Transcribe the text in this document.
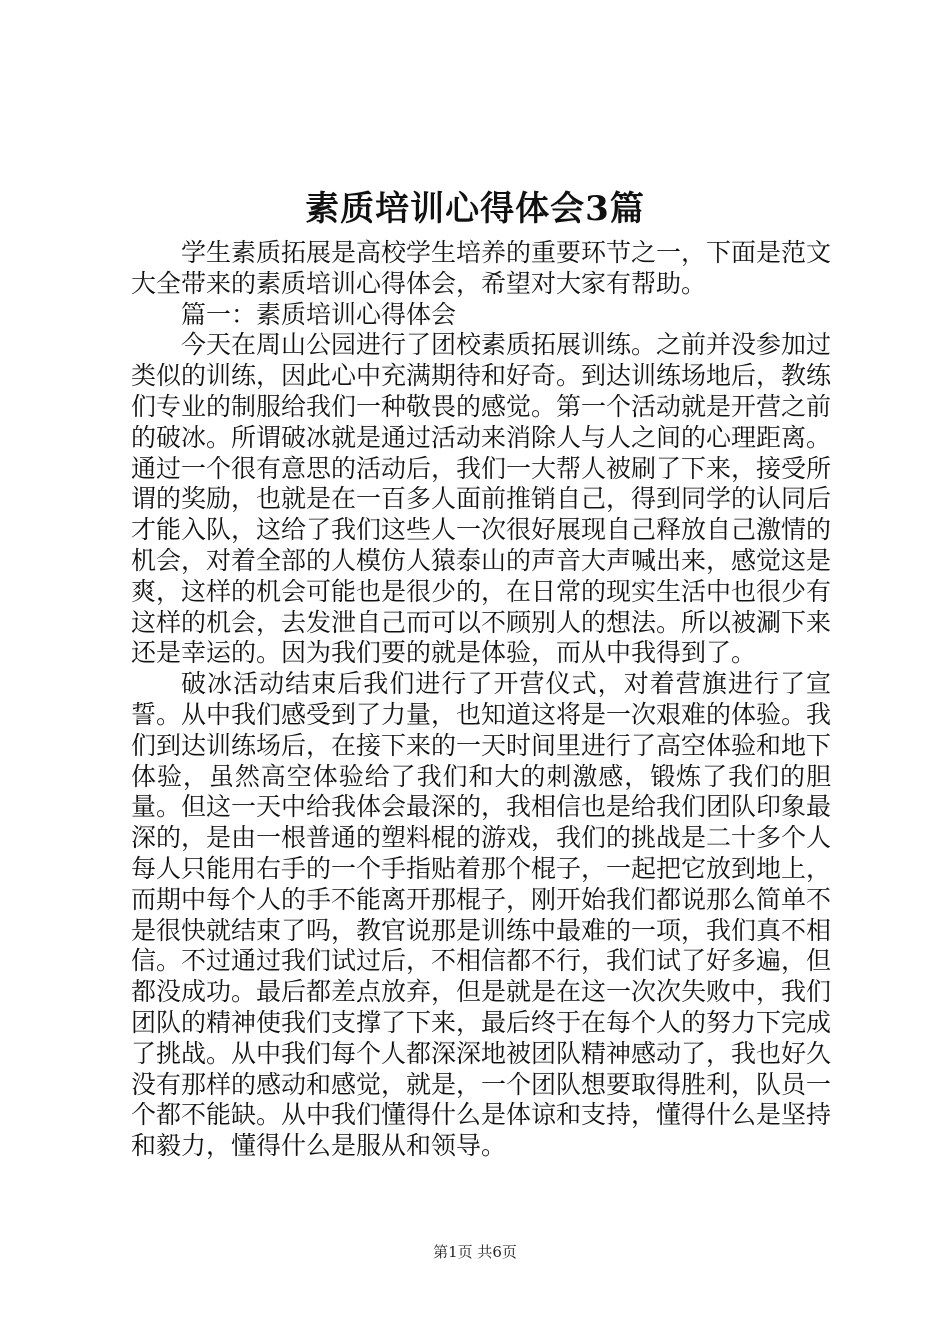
素质培训心得体会3篇

学生素质拓展是高校学生培养的重要环节之一，下面是范文大全带来的素质培训心得体会，希望对大家有帮助。

篇一：素质培训心得体会

今天在周山公园进行了团校素质拓展训练。之前并没参加过类似的训练，因此心中充满期待和好奇。到达训练场地后，教练们专业的制服给我们一种敬畏的感觉。第一个活动就是开营之前的破冰。所谓破冰就是通过活动来消除人与人之间的心理距离。通过一个很有意思的活动后，我们一大帮人被刷了下来，接受所谓的奖励，也就是在一百多人面前推销自己，得到同学的认同后才能入队，这给了我们这些人一次很好展现自己释放自己激情的机会，对着全部的人模仿人猿泰山的声音大声喊出来，感觉这是爽，这样的机会可能也是很少的，在日常的现实生活中也很少有这样的机会，去发泄自己而可以不顾别人的想法。所以被涮下来还是幸运的。因为我们要的就是体验，而从中我得到了。

破冰活动结束后我们进行了开营仪式，对着营旗进行了宣誓。从中我们感受到了力量，也知道这将是一次艰难的体验。我们到达训练场后，在接下来的一天时间里进行了高空体验和地下体验，虽然高空体验给了我们和大的刺激感，锻炼了我们的胆量。但这一天中给我体会最深的，我相信也是给我们团队印象最深的，是由一根普通的塑料棍的游戏，我们的挑战是二十多个人每人只能用右手的一个手指贴着那个棍子，一起把它放到地上，而期中每个人的手不能离开那棍子，刚开始我们都说那么简单不是很快就结束了吗，教官说那是训练中最难的一项，我们真不相信。不过通过我们试过后，不相信都不行，我们试了好多遍，但都没成功。最后都差点放弃，但是就是在这一次次失败中，我们团队的精神使我们支撑了下来，最后终于在每个人的努力下完成了挑战。从中我们每个人都深深地被团队精神感动了，我也好久没有那样的感动和感觉，就是，一个团队想要取得胜利，队员一个都不能缺。从中我们懂得什么是体谅和支持，懂得什么是坚持和毅力，懂得什么是服从和领导。

第1页 共6页
